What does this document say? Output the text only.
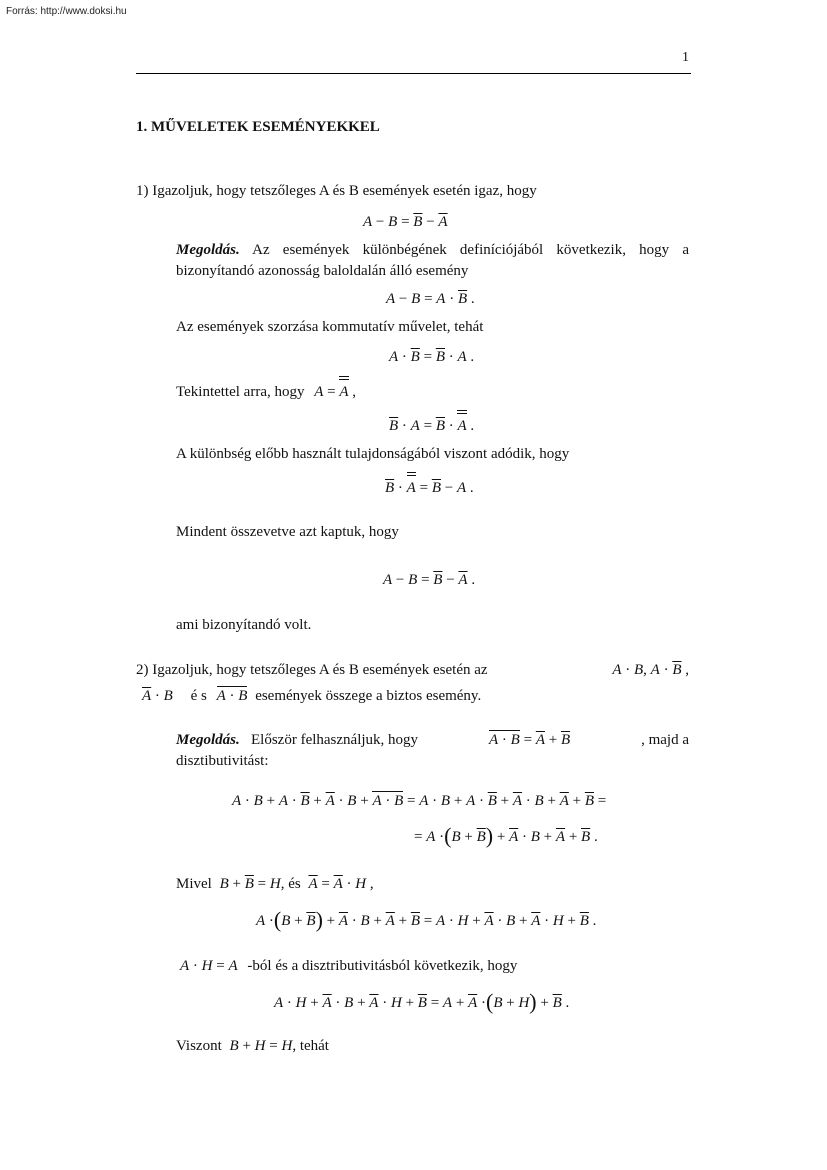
Forrás: http://www.doksi.hu
1
1. MŰVELETEK ESEMÉNYEKKEL
1) Igazoljuk, hogy tetszőleges A és B események esetén igaz, hogy
$A - B = \overline{B} - \overline{A}$
Megoldás. Az események különbégének definíciójából következik, hogy a
bizonyítandó azonosság baloldalán álló esemény
$A - B = A \cdot \overline{B}$ .
Az események szorzása kommutatív művelet, tehát
$A \cdot \overline{B} = \overline{B} \cdot A$ .
Tekintettel arra, hogy A = A ,
$\overline{B} \cdot A = \overline{B} \cdot A$ .
A különbség előbb használt tulajdonságából viszont adódik, hogy
$\overline{B} \cdot A = \overline{B} - A$ .
Mindent összevetve azt kaptuk, hogy
$A - B = \overline{B} - \overline{A}$ .
ami bizonyítandó volt.
2) Igazoljuk, hogy tetszőleges A és B események esetén az	A · B, $A \cdot \overline{B}$ ,
$\overline{A} \cdot B$ é s A · B események összege a biztos esemény.
Megoldás. Először felhasználjuk, hogy	$A \cdot B = \overline{A} + \overline{B}$	, majd a
disztibutivitást:
$A \cdot B + A \cdot \overline{B} + \overline{A} \cdot B + A \cdot B = A \cdot B + A \cdot \overline{B} + \overline{A} \cdot B + \overline{A} + \overline{B}$ =
= $A \cdot(B + \overline{B}) + \overline{A} \cdot B + \overline{A} + \overline{B}$ .
Mivel $B + \overline{B} = H$, és $\overline{A} = \overline{A} \cdot H$ ,
$A \cdot(B + \overline{B}) + \overline{A} \cdot B + \overline{A} + \overline{B} = A \cdot H + \overline{A} \cdot B + \overline{A} \cdot H + \overline{B}$ .
A · H = A -ból és a disztributivitásból következik, hogy
$A \cdot H + \overline{A} \cdot B + \overline{A} \cdot H + \overline{B} = A + \overline{A} \cdot(B + H) + \overline{B}$ .
Viszont B + H = H, tehát
